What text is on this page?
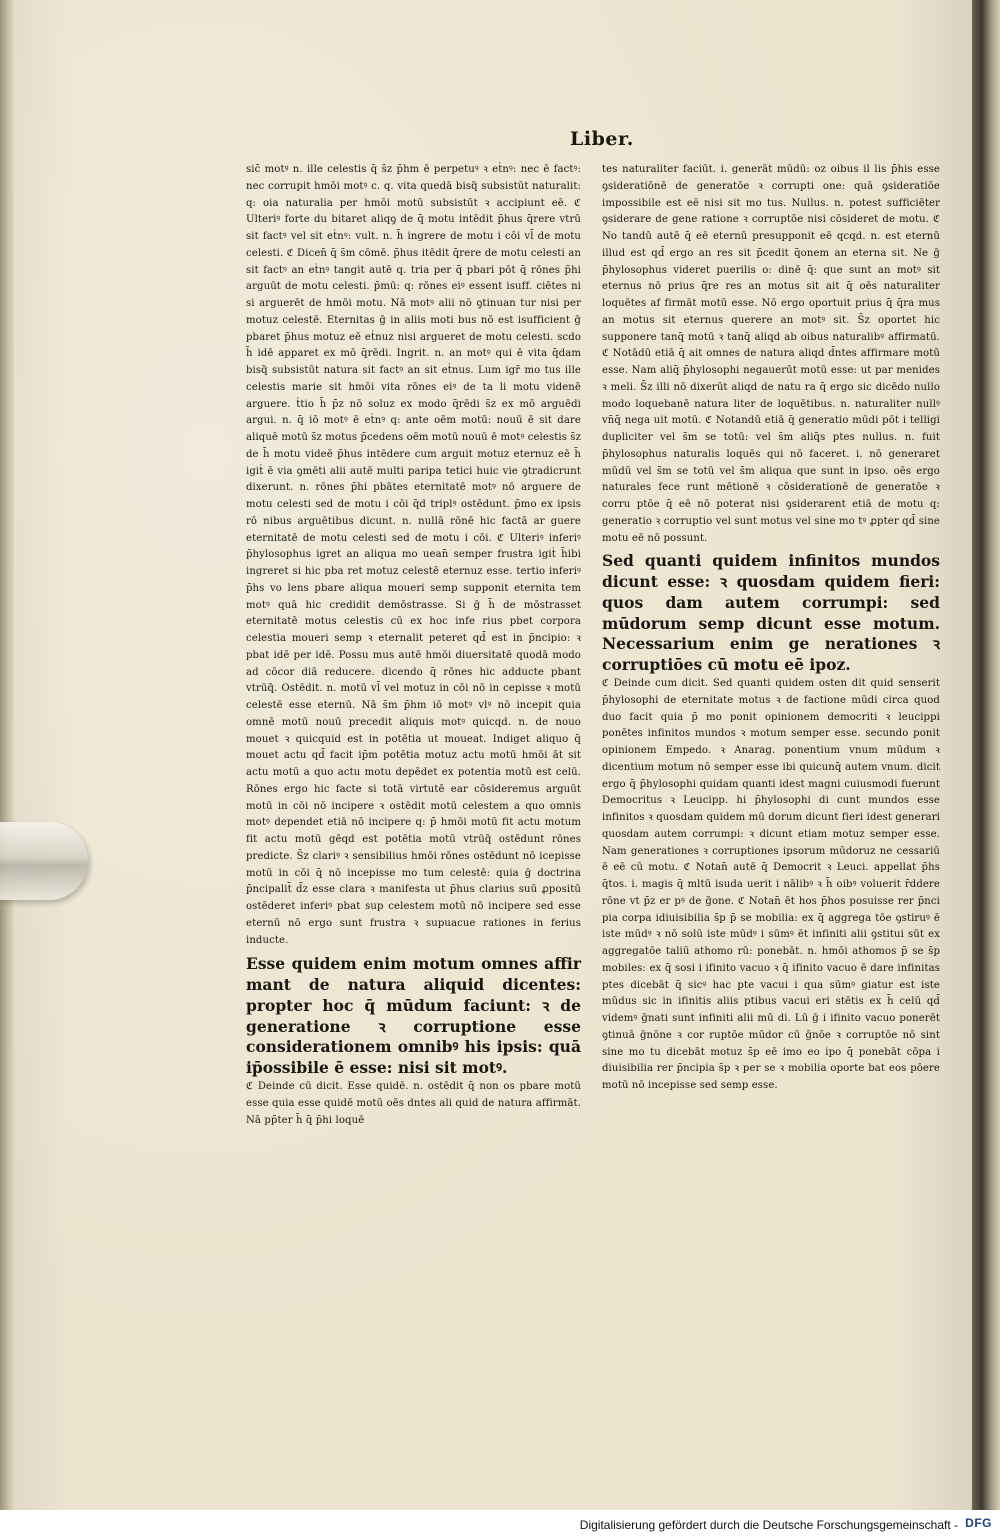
Liber.

sic̄ motꝰ n. ille celestis q̄ s̄z p̄hm ē perpetuꝰ ꝛ eṫnꝰ: nec ē factꝰ: nec corrupit hmōi motꝰ c. q. vita quedā bisq̃ subsistūt naturalit: q: oia naturalia per hmōi motū subsistūt ꝛ accipiunt eē. ℭ Ulteriꝰ forte du bitaret aliqꝯ de q̄ motu intēdit p̄hus q̄rere vtrū sit factꝰ vel sit eṫnꝰ: vult. n. h̄ ingrere de motu i cōi vl̄ de motu celesti. ℭ Dicen̄ q̄ s̄m cōmē. p̄hus itēdit q̄rere de motu celesti an sit factꝰ an eṫnꝰ tangit autē q. tria per q̄ pbari pōt q̄ rōnes p̄hi arguūt de motu celesti. p̄mū: q: rōnes eiꝰ essent isuff. ciētes ni si arguerēt de hmōi motu. Nā motꝰ alii nō ꝯtinuan tur nisi per motuz celestē. Eternitas ḡ in aliis moti bus nō est isufficient ḡ pbaret p̄hus motuz eē eṫnuz nisi argueret de motu celesti. scdo h̄ idē apparet ex mō q̄rēdi. Ingrit. n. an motꝰ qui ē vita q̄dam bisq̃ subsistūt natura sit factꝰ an sit eṫnus. Lum igr̄ mo tus ille celestis marie sit hmōi vita rōnes eiꝰ de ta li motu videnē arguere. ṫtio h̄ p̄z nō soluz ex modo q̄rēdi s̄z ex mō arguēdi argui. n. q̄ iō motꝰ ē eṫnꝰ q: ante oēm motū: nouū ē sit dare aliquē motū s̄z motus p̄cedens oēm motū nouū ē motꝰ celestis s̄z de h̄ motu videē p̄hus intēdere cum arguit motuz eternuz eē h̄ igiṫ ē via ꝯmēti alii autē multi paripa tetici huic vie ꝯtradicrunt dixerunt. n. rōnes p̄hi pbātes eternitatē motꝰ nō arguere de motu celesti sed de motu i cōi q̄d triplꝰ ostēdunt. p̄mo ex ipsis rō nibus arguētibus dicunt. n. nullā rōnē hic factā ar guere eternitatē de motu celesti sed de motu i cōi. ℭ Ulteriꝰ inferiꝰ p̄hylosophus igret an aliqua mo uean̄ semper frustra igiṫ h̄ibi ingreret si hic pba ret motuz celestē eternuz esse. tertio inferiꝰ p̄hs vo lens pbare aliqua moueri semp supponit eternita tem motꝰ quā hic credidit demōstrasse. Si ḡ h̄ de mōstrasset eternitatē motus celestis cū ex hoc infe rius pbet corpora celestia moueri semp ꝛ eternalit peteret qd̄ est in p̄ncipio: ꝛ pbat idē per idē. Possu mus autē hmōi diuersitatē quodā modo ad cōcor diā reducere. dicendo q̄ rōnes hic adducte pbant vtrūq̃. Ostēdit. n. motū vl̄ vel motuz in cōi nō in cepisse ꝛ motū celestē esse eternū. Nā s̄m p̄hm iō motꝰ vlꝰ nō incepit quia omnē motū nouū precedit aliquis motꝰ quicqd. n. de nouo mouet ꝛ quicquid est in potētia ut moueat. Indiget aliquo q̄ mouet actu qd̄ facit ip̄m potētia motuz actu motū hmōi āt sit actu motū a quo actu motu depēdet ex potentia motū est celū. Rōnes ergo hic facte si totā virtutē ear cōsideremus arguūt motū in cōi nō incipere ꝛ ostēdit motū celestem a quo omnis motꝰ dependet etiā nō incipere q: p̄ hmōi motū fit actu motum fit actu motū gēqd est potētia motū vtrūq̃ ostēdunt rōnes predicte. S̄z clariꝰ ꝛ sensibilius hmōi rōnes ostēdunt nō icepisse motū in cōi q̄ nō incepisse mo tum celestē: quia ḡ doctrina p̄ncipalit̄ d̄z esse clara ꝛ manifesta ut p̄hus clarius suū ꝓpositū ostēderet inferiꝰ pbat sup celestem motū nō incipere sed esse eternū nō ergo sunt frustra ꝛ supuacue rationes in ferius inducte.

Esse quidem enim motum omnes affir mant de natura aliquid dicentes: propter hoc q̄ mūdum faciunt: ꝛ de generatione ꝛ corruptione esse considerationem omnibꝰ his ipsis: quā ip̄ossibile ē esse: nisi sit motꝰ.

ℭ Deinde cū dicit. Esse quidē. n. ostēdit q̄ non os pbare motū esse quia esse quidē motū oēs dntes ali quid de natura affirmāt. Nā pp̄ter h̄ q̄ p̄hi loquē

tes naturaliter faciūt. i. generāt mūdū: oz oibus il lis p̄his esse ꝯsideratiōnē de generatōe ꝛ corrupti one: quā ꝯsideratiōe impossibile est eē nisi sit mo tus. Nullus. n. potest sufficiēter ꝯsiderare de gene ratione ꝛ corruptōe nisi cōsideret de motu. ℭ No tandū autē q̄ eē eternū presupponit eē qcqd. n. est eternū illud est qd̄ ergo an res sit p̄cedit q̄onem an eterna sit. Ne ḡ p̄hylosophus videret puerilis o: dinē q̄: que sunt an motꝰ sit eternus nō prius q̄re res an motus sit ait q̄ oēs naturaliter loquētes af firmāt motū esse. Nō ergo oportuit prius q̄ q̄ra mus an motus sit eternus querere an motꝰ sit. S̄z oportet hic supponere tanq̄ motū ꝛ tanq̄ aliqd ab oibus naturalibꝰ affirmatū. ℭ Notādū etiā q̄ ait omnes de natura aliqd d̄ntes affirmare motū esse. Nam aliq̄ p̄hylosophi negauerūt motū esse: ut par menides ꝛ meli. S̄z illi nō dixerūt aliqd de natu ra q̄ ergo sic dicēdo nullo modo loquebanē natura liter de loquētibus. n. naturaliter nullꝰ vn̄q̄ nega uit motū. ℭ Notandū etiā q̄ generatio mūdi pōt i telligi dupliciter vel s̄m se totū: vel s̄m aliq̄s ptes nullus. n. fuit p̄hylosophus naturalis loquēs qui nō faceret. i. nō generaret mūdū vel s̄m se totū vel s̄m aliqua que sunt in ipso. oēs ergo naturales fece runt mētionē ꝛ cōsiderationē de generatōe ꝛ corru ptōe q̄ eē nō poterat nisi ꝯsiderarent etiā de motu q: generatio ꝛ corruptio vel sunt motus vel sine mo tꝰ ꝓpter qd̄ sine motu eē nō possunt.

Sed quanti quidem infinitos mundos dicunt esse: ꝛ quosdam quidem fieri: quos dam autem corrumpi: sed mūdorum semp dicunt esse motum. Necessarium enim ge nerationes ꝛ corruptiōes cū motu eē ipoz.

ℭ Deinde cum dicit. Sed quanti quidem osten dit quid senserit p̄hylosophi de eternitate motus ꝛ de factione mūdi circa quod duo facit quia p̄ mo ponit opinionem democriti ꝛ leucippi ponētes infinitos mundos ꝛ motum semper esse. secundo ponit opinionem Empedo. ꝛ Anarag. ponentium vnum mūdum ꝛ dicentium motum nō semper esse ibi quicunq̄ autem vnum. dicit ergo q̄ p̄hylosophi quidam quanti idest magni cuiusmodi fuerunt Democritus ꝛ Leucipp. hi p̄hylosophi di cunt mundos esse infinitos ꝛ quosdam quidem mū dorum dicunt fieri idest generari quosdam autem corrumpi: ꝛ dicunt etiam motuz semper esse. Nam generationes ꝛ corruptiones ipsorum mūdoruz ne cessariū ē eē cū motu. ℭ Notan̄ autē q̄ Democrit ꝛ Leuci. appellat p̄hs q̄tos. i. magis q̄ mltū isuda uerit i nālibꝰ ꝛ h̄ oibꝰ voluerit r̄ddere rōne vt p̄z er pꝰ de g̃one. ℭ Notan̄ ēt hos p̄hos posuisse rer p̄nci pia corpa idiuisibilia s̄p p̄ se mobilia: ex q̄ aggrega tōe ꝯstiruꝰ ē iste mūdꝰ ꝛ nō solū iste mūdꝰ i sūmꝰ ēt infiniti alii ꝯstitui sūt ex aggregatōe taliū athomo rū: ponebāt. n. hmōi athomos p̄ se s̄p mobiles: ex q̄ sosi i ifinito vacuo ꝛ q̄ ifinito vacuo ē dare infinitas ptes dicebāt q̄ sicꝰ hac pte vacui i qua sūmꝰ giatur est iste mūdus sic in ifinitis aliis ptibus vacui eri stētis ex h̄ celū qd̄ videmꝰ ḡnati sunt infiniti alii mū di. Lū ḡ i ifinito vacuo ponerēt ꝯtinuā ḡnōne ꝛ cor ruptōe mūdor cū ḡnōe ꝛ corruptōe nō sint sine mo tu dicebāt motuz s̄p eē imo eo ipo q̄ ponebāt cōpa i diuisibilia rer p̄ncipia s̄p ꝛ per se ꝛ mobilia oporte bat eos pōere motū nō incepisse sed semp esse.

Digitalisierung gefördert durch die Deutsche Forschungsgemeinschaft - DFG
